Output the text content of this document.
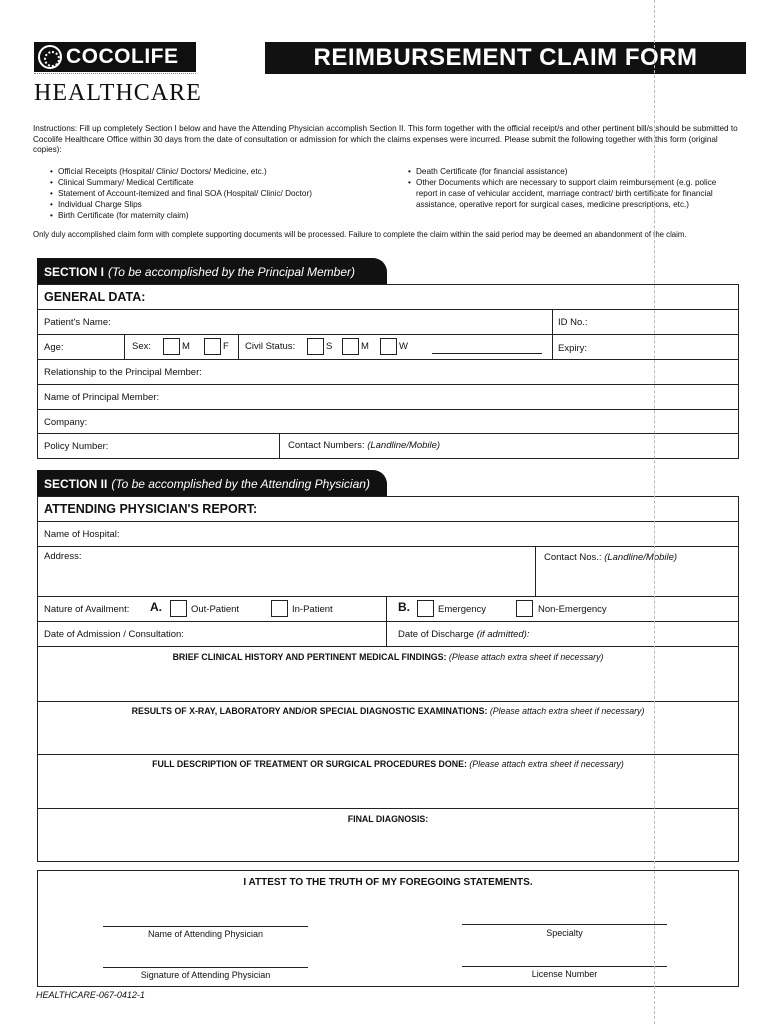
COCOLIFE
HEALTHCARE
REIMBURSEMENT CLAIM FORM
Instructions: Fill up completely Section I below and have the Attending Physician accomplish Section II. This form together with the official receipt/s and other pertinent bill/s should be submitted to Cocolife Healthcare Office within 30 days from the date of consultation or admission for which the claims expenses were incurred. Please submit the following together with this form (original copies):
• Official Receipts (Hospital/ Clinic/ Doctors/ Medicine, etc.)
• Clinical Summary/ Medical Certificate
• Statement of Account-itemized and final SOA (Hospital/ Clinic/ Doctor)
• Individual Charge Slips
• Birth Certificate (for maternity claim)
• Death Certificate (for financial assistance)
• Other Documents which are necessary to support claim reimbursement (e.g. police report in case of vehicular accident, marriage contract/ birth certificate for financial assistance, operative report for surgical cases, medicine prescriptions, etc.)
Only duly accomplished claim form with complete supporting documents will be processed. Failure to complete the claim within the said period may be deemed an abandonment of the claim.
SECTION I (To be accomplished by the Principal Member)
GENERAL DATA:
Patient's Name:	ID No.:
Age:	Sex:	M	F Civil Status:	S	M	W	Expiry:
Relationship to the Principal Member:
Name of Principal Member:
Company:
Policy Number:	Contact Numbers: (Landline/Mobile)
SECTION II (To be accomplished by the Attending Physician)
ATTENDING PHYSICIAN'S REPORT:
Name of Hospital:
Address:	Contact Nos.: (Landline/Mobile)
Nature of Availment: A.	Out-Patient	In-Patient	B.	Emergency	Non-Emergency
Date of Admission / Consultation:	Date of Discharge (if admitted):
BRIEF CLINICAL HISTORY AND PERTINENT MEDICAL FINDINGS: (Please attach extra sheet if necessary)
RESULTS OF X-RAY, LABORATORY AND/OR SPECIAL DIAGNOSTIC EXAMINATIONS: (Please attach extra sheet if necessary)
FULL DESCRIPTION OF TREATMENT OR SURGICAL PROCEDURES DONE: (Please attach extra sheet if necessary)
FINAL DIAGNOSIS:
I ATTEST TO THE TRUTH OF MY FOREGOING STATEMENTS.
Name of Attending Physician	Specialty
Signature of Attending Physician	License Number
HEALTHCARE-067-0412-1
